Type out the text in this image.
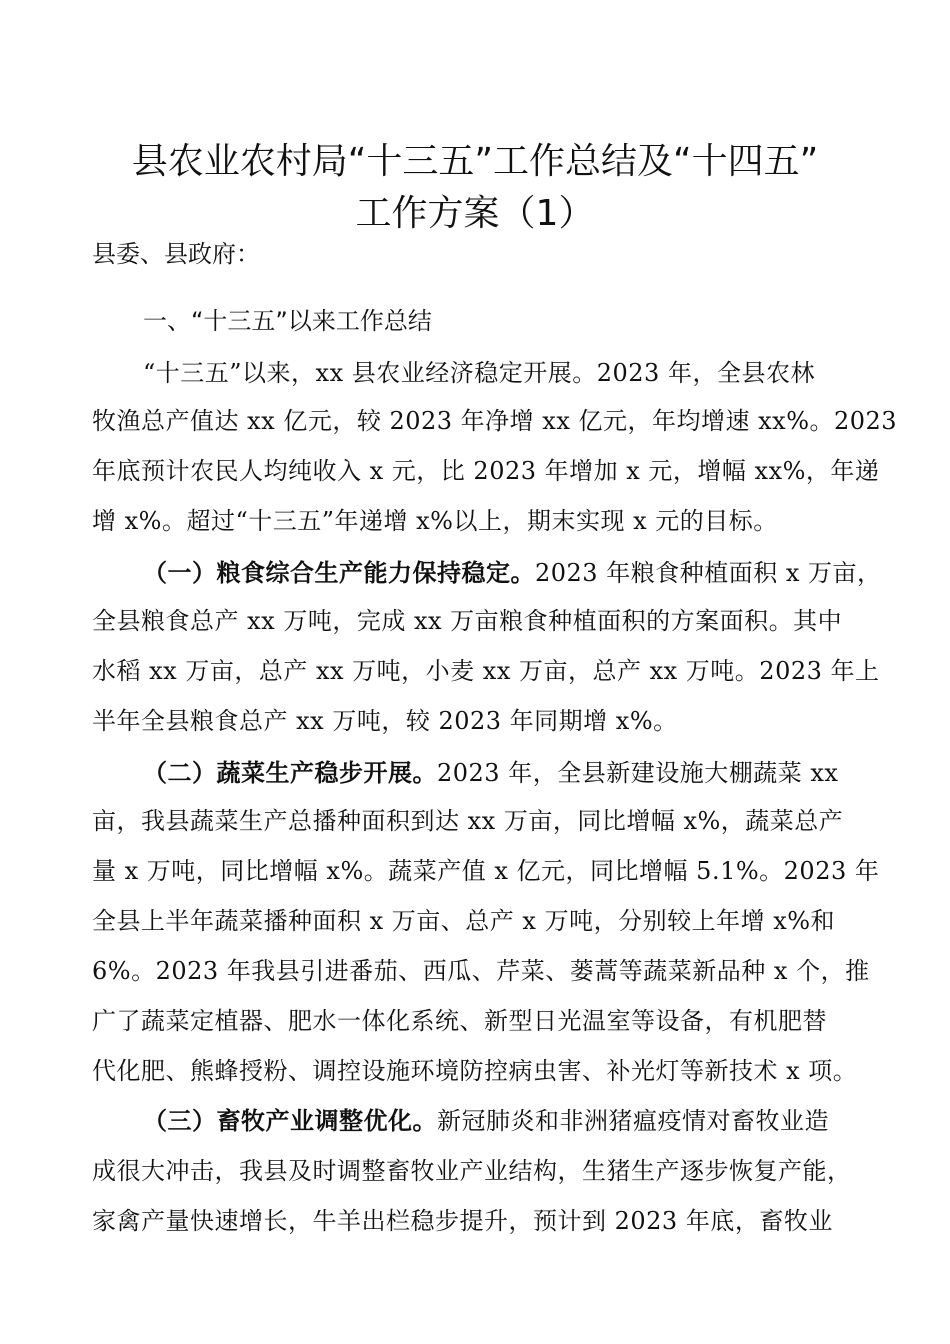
县农业农村局“十三五”工作总结及“十四五”
工作方案（1）
县委、县政府：
一、“十三五”以来工作总结
“十三五”以来，xx 县农业经济稳定开展。2023 年，全县农林
牧渔总产值达 xx 亿元，较 2023 年净增 xx 亿元，年均增速 xx%。2023
年底预计农民人均纯收入 x 元，比 2023 年增加 x 元，增幅 xx%，年递
增 x%。超过“十三五”年递增 x%以上，期末实现 x 元的目标。
（一）粮食综合生产能力保持稳定。2023 年粮食种植面积 x 万亩，
全县粮食总产 xx 万吨，完成 xx 万亩粮食种植面积的方案面积。其中
水稻 xx 万亩，总产 xx 万吨，小麦 xx 万亩，总产 xx 万吨。2023 年上
半年全县粮食总产 xx 万吨，较 2023 年同期增 x%。
（二）蔬菜生产稳步开展。2023 年，全县新建设施大棚蔬菜 xx
亩，我县蔬菜生产总播种面积到达 xx 万亩，同比增幅 x%，蔬菜总产
量 x 万吨，同比增幅 x%。蔬菜产值 x 亿元，同比增幅 5.1%。2023 年
全县上半年蔬菜播种面积 x 万亩、总产 x 万吨，分别较上年增 x%和
6%。2023 年我县引进番茄、西瓜、芹菜、蒌蒿等蔬菜新品种 x 个，推
广了蔬菜定植器、肥水一体化系统、新型日光温室等设备，有机肥替
代化肥、熊蜂授粉、调控设施环境防控病虫害、补光灯等新技术 x 项。
（三）畜牧产业调整优化。新冠肺炎和非洲猪瘟疫情对畜牧业造
成很大冲击，我县及时调整畜牧业产业结构，生猪生产逐步恢复产能，
家禽产量快速增长，牛羊出栏稳步提升，预计到 2023 年底，畜牧业
